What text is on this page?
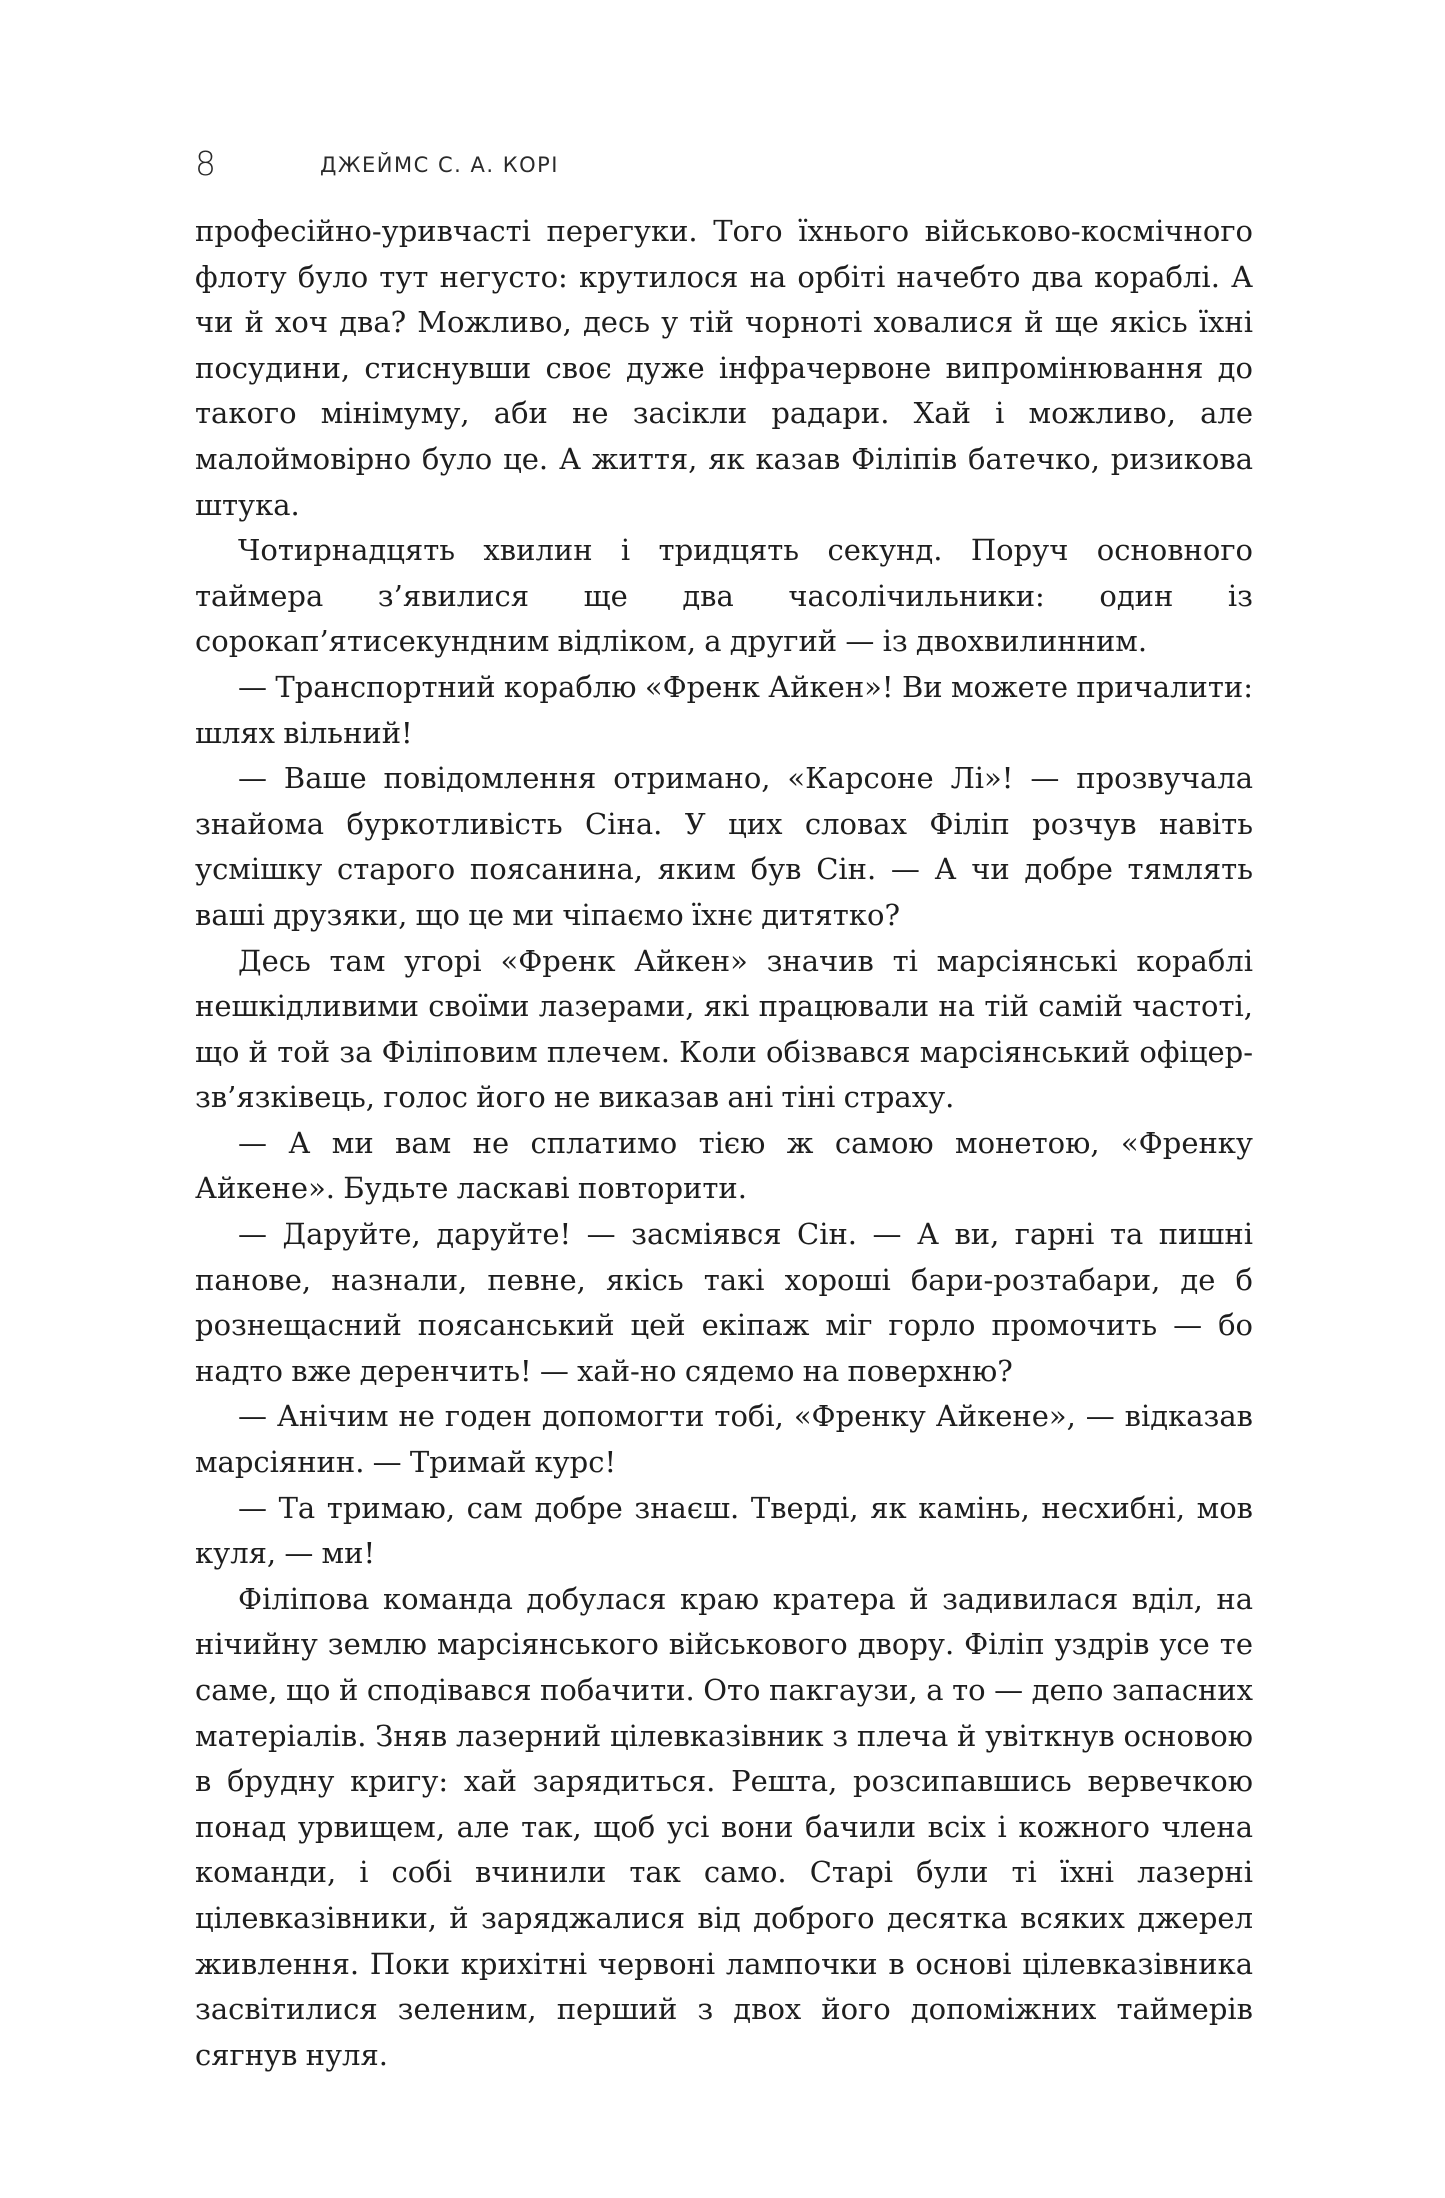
8	ДЖЕЙМС С. А. КОРІ

професійно-уривчасті перегуки. Того їхнього військово-космічного флоту було тут негусто: крутилося на орбіті начебто два кораблі. А чи й хоч два? Можливо, десь у тій чорноті ховалися й ще якісь їхні посудини, стиснувши своє дуже інфрачервоне випромінювання до такого мінімуму, аби не засікли радари. Хай і можливо, але малоймовірно було це. А життя, як казав Філіпів батечко, ризикова штука.

Чотирнадцять хвилин і тридцять секунд. Поруч основного таймера з’явилися ще два часолічильники: один із сорокап’ятисекундним відліком, а другий — із двохвилинним.

— Транспортний кораблю «Френк Айкен»! Ви можете причалити: шлях вільний!

— Ваше повідомлення отримано, «Карсоне Лі»! — прозвучала знайома буркотливість Сіна. У цих словах Філіп розчув навіть усмішку старого поясанина, яким був Сін. — А чи добре тямлять ваші друзяки, що це ми чіпаємо їхнє дитятко?

Десь там угорі «Френк Айкен» значив ті марсіянські кораблі нешкідливими своїми лазерами, які працювали на тій самій частоті, що й той за Філіповим плечем. Коли обізвався марсіянський офіцер-зв’язківець, голос його не виказав ані тіні страху.

— А ми вам не сплатимо тією ж самою монетою, «Френку Айкене». Будьте ласкаві повторити.

— Даруйте, даруйте! — засміявся Сін. — А ви, гарні та пишні панове, назнали, певне, якісь такі хороші бари-розтабари, де б рознещасний поясанський цей екіпаж міг горло промочить — бо надто вже деренчить! — хай-но сядемо на поверхню?

— Анічим не годен допомогти тобі, «Френку Айкене», — відказав марсіянин. — Тримай курс!

— Та тримаю, сам добре знаєш. Тверді, як камінь, несхибні, мов куля, — ми!

Філіпова команда добулася краю кратера й задивилася вділ, на нічийну землю марсіянського військового двору. Філіп уздрів усе те саме, що й сподівався побачити. Ото пакгаузи, а то — депо запасних матеріалів. Зняв лазерний цілевказівник з плеча й увіткнув основою в брудну кригу: хай зарядиться. Решта, розсипавшись вервечкою понад урвищем, але так, щоб усі вони бачили всіх і кожного члена команди, і собі вчинили так само. Старі були ті їхні лазерні цілевказівники, й заряджалися від доброго десятка всяких джерел живлення. Поки крихітні червоні лампочки в основі цілевказівника засвітилися зеленим, перший з двох його допоміжних таймерів сягнув нуля.
